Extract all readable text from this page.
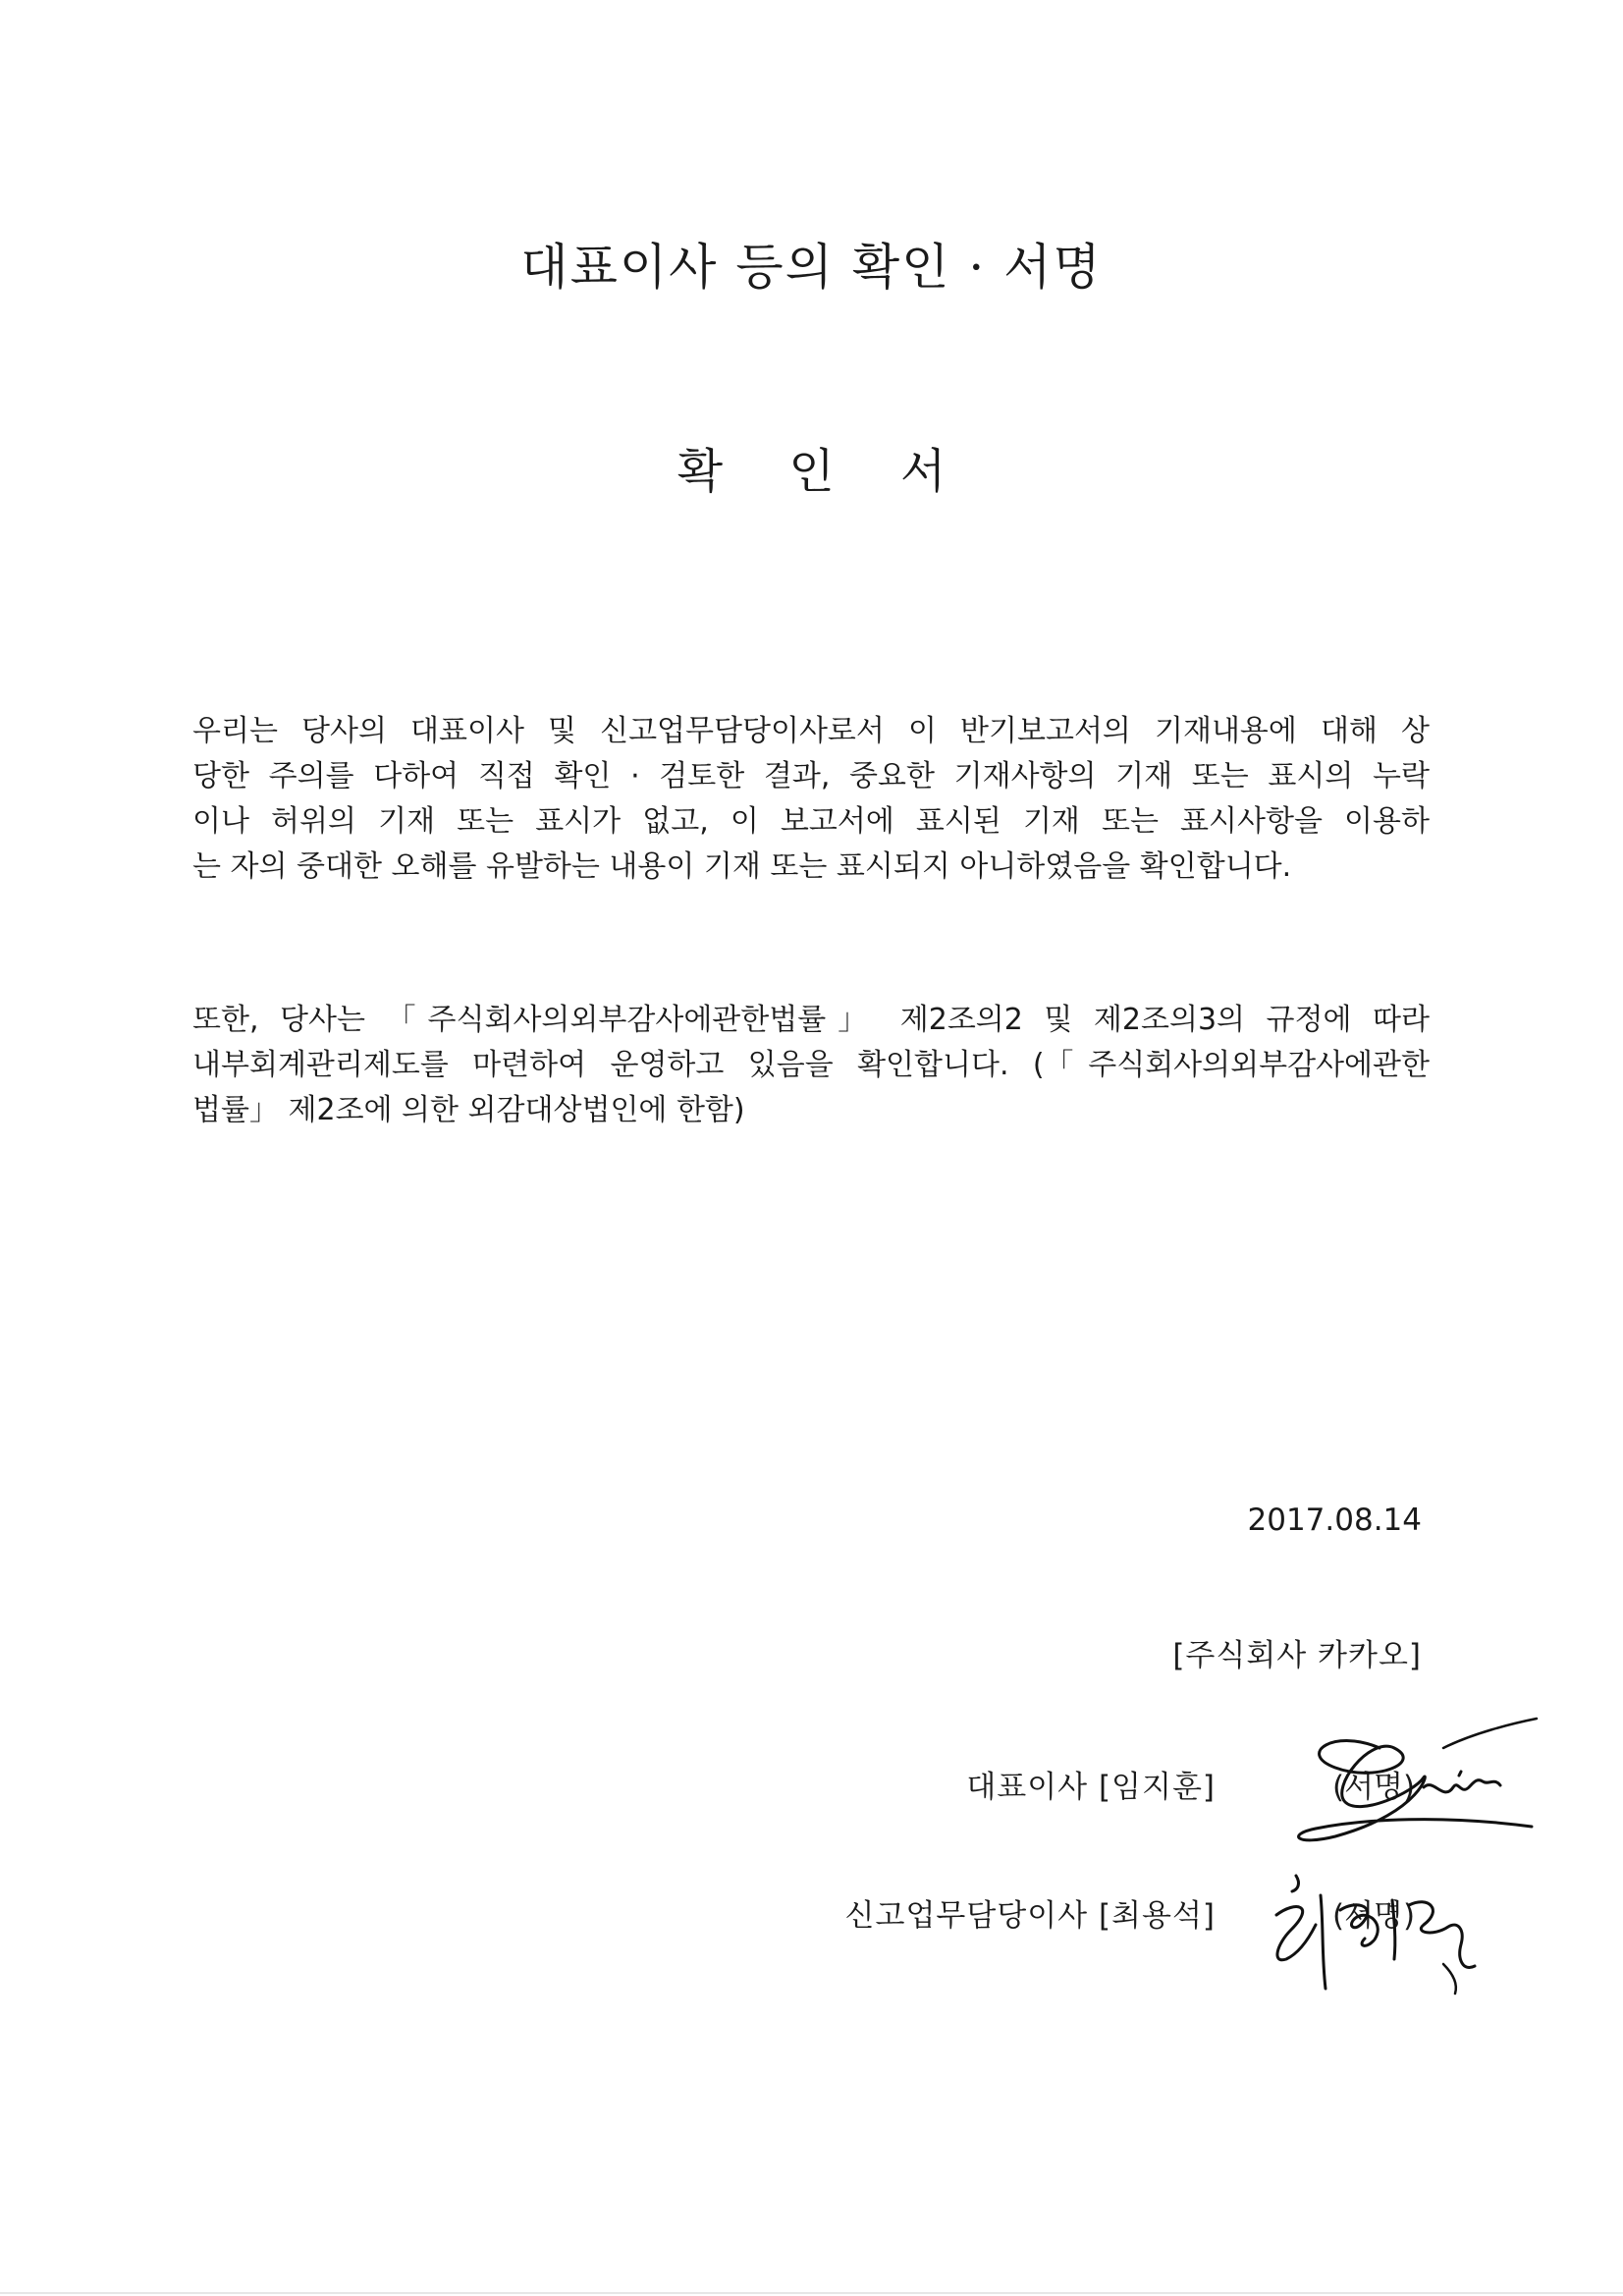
대표이사 등의 확인 · 서명
확 인 서
우리는 당사의 대표이사 및 신고업무담당이사로서 이 반기보고서의 기재내용에 대해 상
당한 주의를 다하여 직접 확인 · 검토한 결과, 중요한 기재사항의 기재 또는 표시의 누락
이나 허위의 기재 또는 표시가 없고, 이 보고서에 표시된 기재 또는 표시사항을 이용하
는 자의 중대한 오해를 유발하는 내용이 기재 또는 표시되지 아니하였음을 확인합니다.
또한, 당사는 「주식회사의외부감사에관한법률」 제2조의2 및 제2조의3의 규정에 따라
내부회계관리제도를 마련하여 운영하고 있음을 확인합니다. (「주식회사의외부감사에관한
법률」 제2조에 의한 외감대상법인에 한함)
2017.08.14
[주식회사 카카오]
대표이사 [임지훈]	(서명)
신고업무담당이사 [최용석]	(서명)
